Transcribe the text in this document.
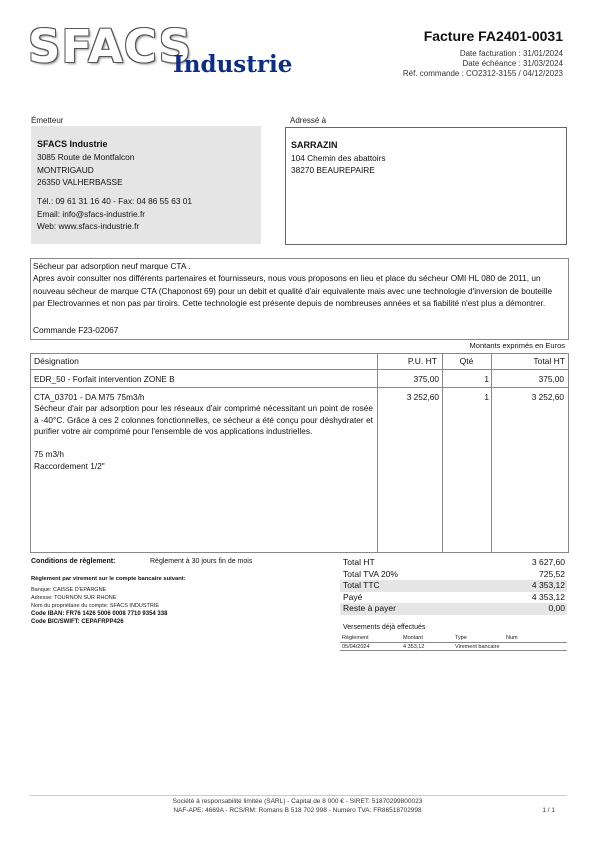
SFACS
Industrie
Facture FA2401-0031
Date facturation : 31/01/2024
Date échéance : 31/03/2024
Réf. commande : CO2312-3155 / 04/12/2023
Émetteur
SFACS Industrie
3085 Route de Montfalcon
MONTRIGAUD
26350 VALHERBASSE
Tél.: 09 61 31 16 40 - Fax: 04 86 55 63 01
Email: info@sfacs-industrie.fr
Web: www.sfacs-industrie.fr
Adressé à
SARRAZIN
104 Chemin des abattoirs
38270 BEAUREPAIRE
Sécheur par adsorption neuf marque CTA .
Apres avoir consulter nos différents partenaires et fournisseurs, nous vous proposons en lieu et place du sécheur OMI HL 080 de 2011, un nouveau sécheur de marque CTA (Chaponost 69) pour un debit et qualité d'air equivalente mais avec une technologie d'inversion de bouteille par Electrovannes et non pas par tiroirs. Cette technologie est présente depuis de nombreuses années et sa fiabilité n'est plus a démontrer.
Commande F23-02067
Montants exprimés en Euros
Désignation	P.U. HT	Qté	Total HT
EDR_50 - Forfait intervention ZONE B	375,00	1	375,00
CTA_03701 - DA M75 75m3/h	3 252,60	1	3 252,60
Sécheur d'air par adsorption pour les réseaux d'air comprimé nécessitant un point de rosée à -40°C. Grâce à ces 2 colonnes fonctionnelles, ce sécheur a été conçu pour déshydrater et purifier votre air comprimé pour l'ensemble de vos applications industrielles.
75 m3/h
Raccordement 1/2"
Conditions de règlement:	Règlement à 30 jours fin de mois
Règlement par virement sur le compte bancaire suivant:
Banque: CAISSE D'EPARGNE
Adresse: TOURNON SUR RHONE
Nom du propriétaire du compte: SFACS INDUSTRIE
Code IBAN: FR76 1426 5006 0008 7710 9354 338
Code BIC/SWIFT: CEPAFRPP426
Total HT	3 627,60
Total TVA 20%	725,52
Total TTC	4 353,12
Payé	4 353,12
Reste à payer	0,00
Versements déjà effectués
Règlement	Montant	Type	Num
05/04/2024	4 353,12	Virement bancaire
Société à responsabilité limitée (SARL) - Capital de 8 000 € - SIRET: 51870299800023
NAF-APE: 4669A - RCS/RM: Romans B 518 702 998 - Numéro TVA: FR86518702998	1 / 1
